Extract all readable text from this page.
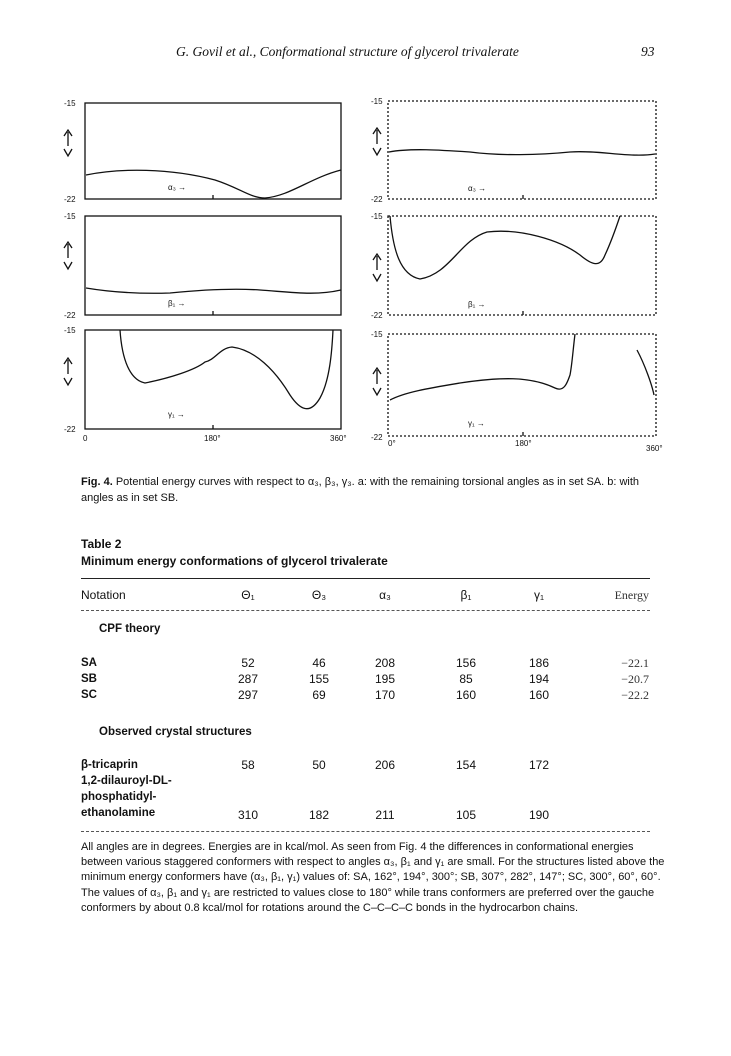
G. Govil et al., Conformational structure of glycerol trivalerate	93
-15
-22
-15
-22
-15
-22
-15
-22
-15
-22
-15
-22
α₃ →
β₁ →
γ₁ →
α₃ →
β₁ →
γ₁ →
0	180°	360°
0°	180°
360°
Fig. 4. Potential energy curves with respect to α₃, β₃, γ₃. a: with the remaining torsional angles as in set SA. b: with angles as in set SB.
Table 2
Minimum energy conformations of glycerol trivalerate
Notation	Θ₁	Θ₃	α₃	β₁	γ₁	Energy
CPF theory
SA	52	46	208	156	186	−22.1
SB	287	155	195	85	194	−20.7
SC	297	69	170	160	160	−22.2
Observed crystal structures
β-tricaprin	58	50	206	154	172
1,2-dilauroyl-DL-
phosphatidyl-
ethanolamine	310	182	211	105	190
All angles are in degrees. Energies are in kcal/mol. As seen from Fig. 4 the differences in conformational energies between various staggered conformers with respect to angles α₃, β₁ and γ₁ are small. For the structures listed above the minimum energy conformers have (α₃, β₁, γ₁) values of: SA, 162°, 194°, 300°; SB, 307°, 282°, 147°; SC, 300°, 60°, 60°. The values of α₃, β₁ and γ₁ are restricted to values close to 180° while trans conformers are preferred over the gauche conformers by about 0.8 kcal/mol for rotations around the C–C–C–C bonds in the hydrocarbon chains.
